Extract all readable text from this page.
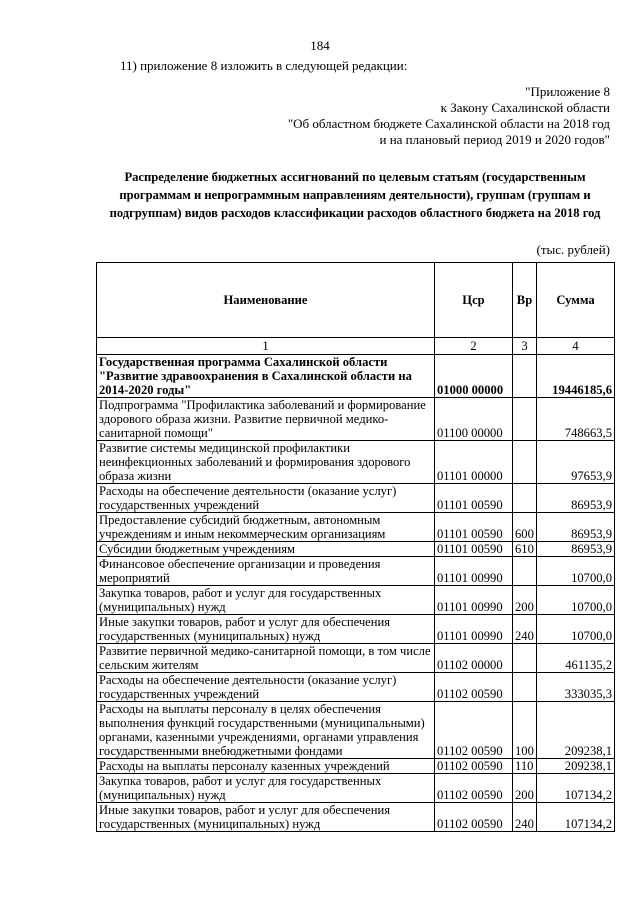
184
11) приложение 8 изложить в следующей редакции:
"Приложение 8
к Закону Сахалинской области
"Об областном бюджете Сахалинской области на 2018 год
и на плановый период 2019 и 2020 годов"
Распределение бюджетных ассигнований по целевым статьям (государственным программам и непрограммным направлениям деятельности), группам (группам и подгруппам) видов расходов классификации расходов областного бюджета на 2018 год
(тыс. рублей)
Наименование	Цср	Вр	Сумма
1	2	3	4
Государственная программа Сахалинской области "Развитие здравоохранения в Сахалинской области на 2014-2020 годы"	01000 00000		19446185,6
Подпрограмма "Профилактика заболеваний и формирование здорового образа жизни. Развитие первичной медико-санитарной помощи"	01100 00000		748663,5
Развитие системы медицинской профилактики неинфекционных заболеваний и формирования здорового образа жизни	01101 00000		97653,9
Расходы на обеспечение деятельности (оказание услуг) государственных учреждений	01101 00590		86953,9
Предоставление субсидий бюджетным, автономным учреждениям и иным некоммерческим организациям	01101 00590	600	86953,9
Субсидии бюджетным учреждениям	01101 00590	610	86953,9
Финансовое обеспечение организации и проведения мероприятий	01101 00990		10700,0
Закупка товаров, работ и услуг для государственных (муниципальных) нужд	01101 00990	200	10700,0
Иные закупки товаров, работ и услуг для обеспечения государственных (муниципальных) нужд	01101 00990	240	10700,0
Развитие первичной медико-санитарной помощи, в том числе сельским жителям	01102 00000		461135,2
Расходы на обеспечение деятельности (оказание услуг) государственных учреждений	01102 00590		333035,3
Расходы на выплаты персоналу в целях обеспечения выполнения функций государственными (муниципальными) органами, казенными учреждениями, органами управления государственными внебюджетными фондами	01102 00590	100	209238,1
Расходы на выплаты персоналу казенных учреждений	01102 00590	110	209238,1
Закупка товаров, работ и услуг для государственных (муниципальных) нужд	01102 00590	200	107134,2
Иные закупки товаров, работ и услуг для обеспечения государственных (муниципальных) нужд	01102 00590	240	107134,2
